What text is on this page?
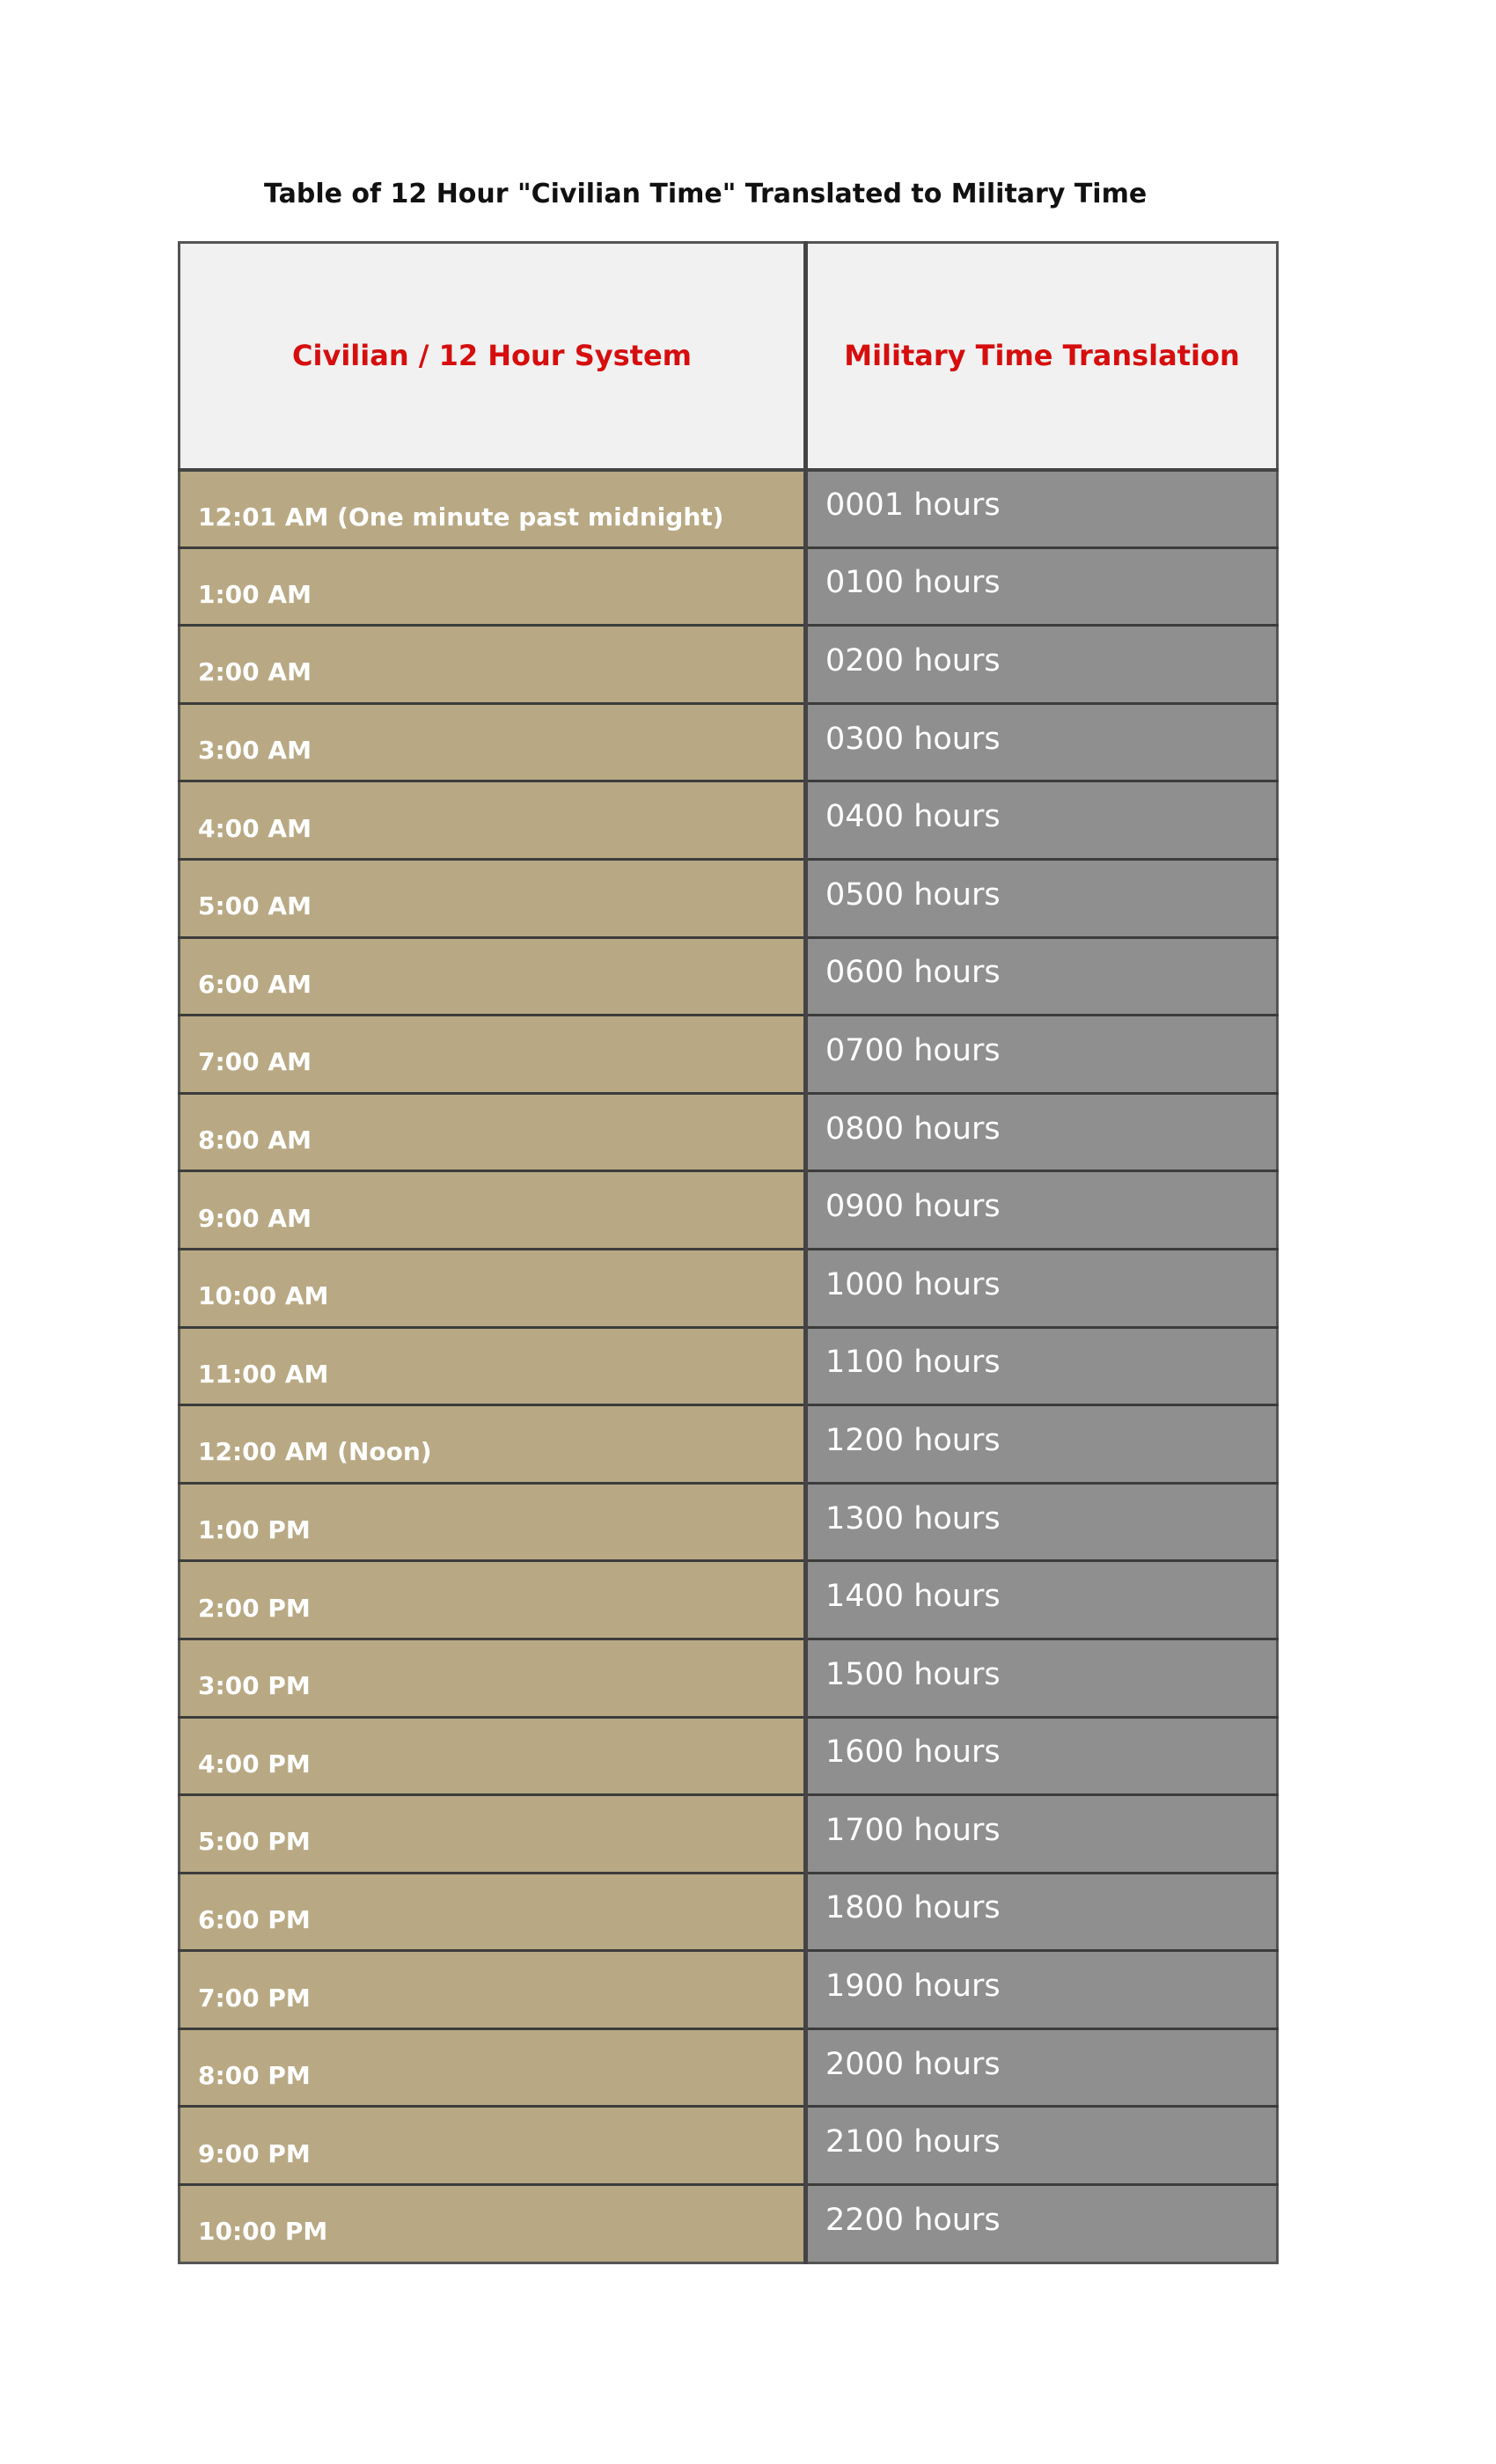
Table of 12 Hour "Civilian Time" Translated to Military Time
Civilian / 12 Hour System	Military Time Translation
12:01 AM (One minute past midnight)	0001 hours
1:00 AM	0100 hours
2:00 AM	0200 hours
3:00 AM	0300 hours
4:00 AM	0400 hours
5:00 AM	0500 hours
6:00 AM	0600 hours
7:00 AM	0700 hours
8:00 AM	0800 hours
9:00 AM	0900 hours
10:00 AM	1000 hours
11:00 AM	1100 hours
12:00 AM (Noon)	1200 hours
1:00 PM	1300 hours
2:00 PM	1400 hours
3:00 PM	1500 hours
4:00 PM	1600 hours
5:00 PM	1700 hours
6:00 PM	1800 hours
7:00 PM	1900 hours
8:00 PM	2000 hours
9:00 PM	2100 hours
10:00 PM	2200 hours
